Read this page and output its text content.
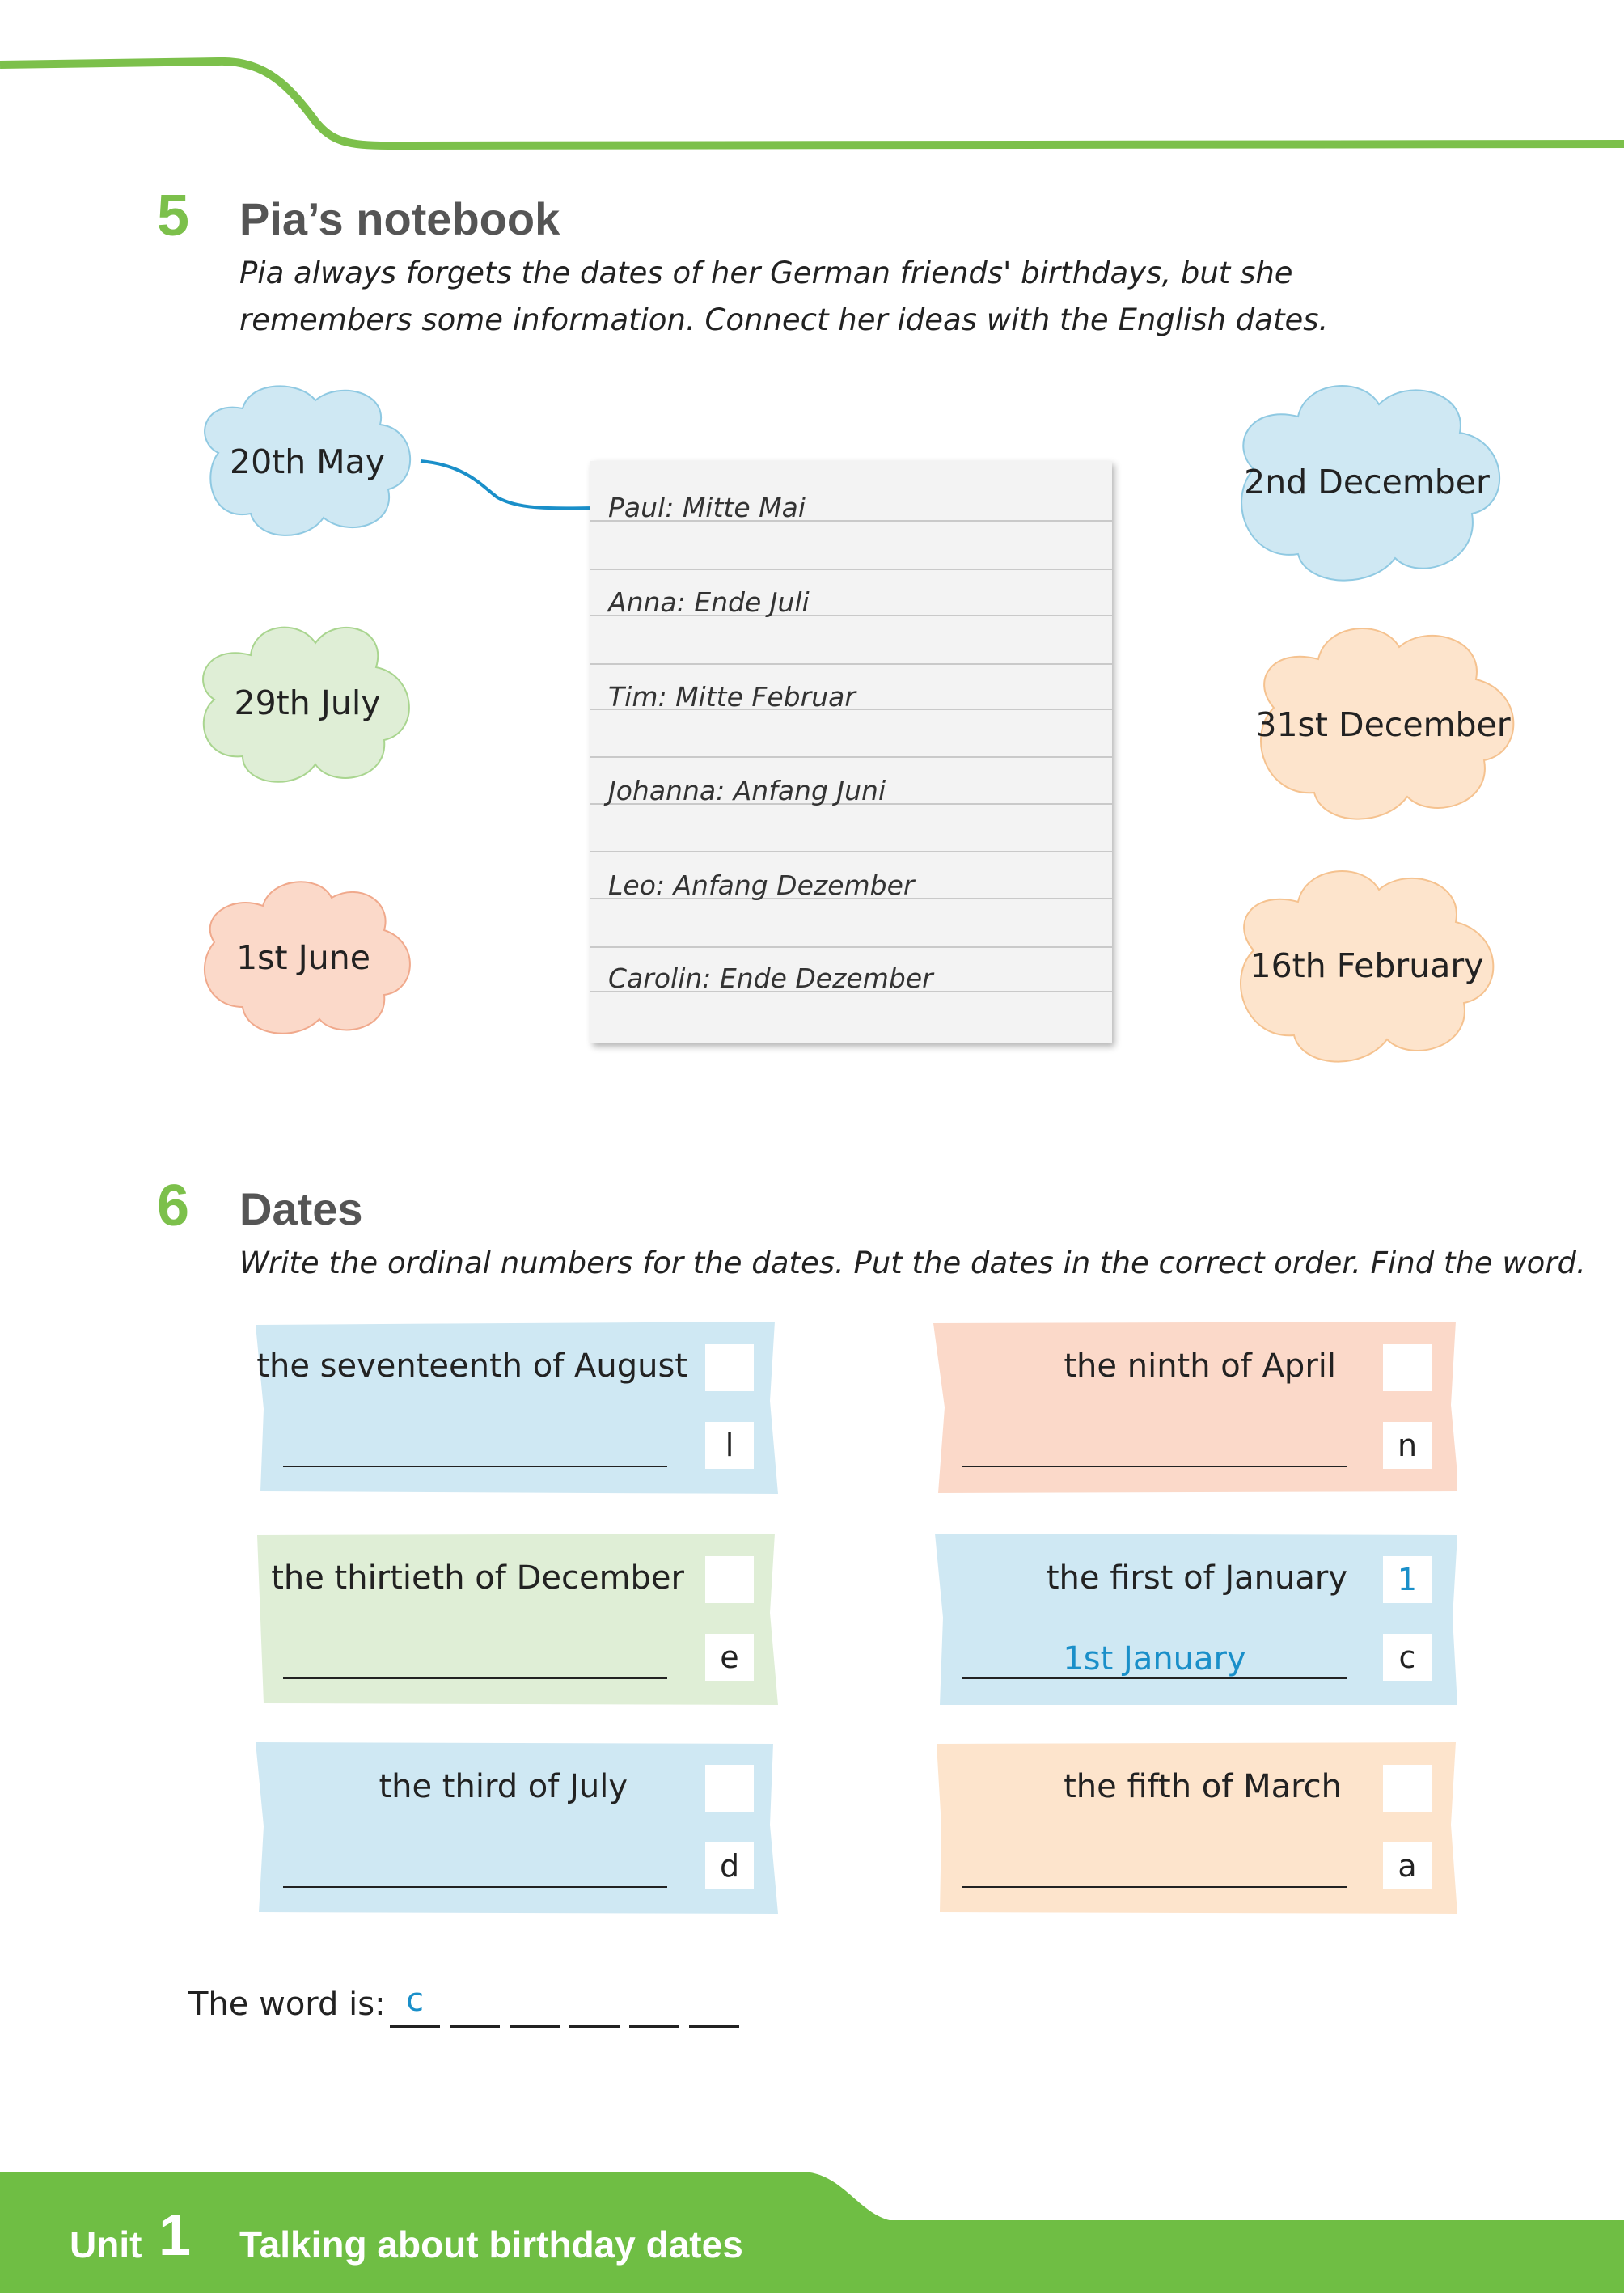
5 Pia’s notebook
Pia always forgets the dates of her German friends' birthdays, but she
remembers some information. Connect her ideas with the English dates.
20th May
29th July
1st June
2nd December
31st December
16th February
Paul: Mitte Mai
Anna: Ende Juli
Tim: Mitte Februar
Johanna: Anfang Juni
Leo: Anfang Dezember
Carolin: Ende Dezember
6 Dates
Write the ordinal numbers for the dates. Put the dates in the correct order. Find the word.
the seventeenth of August
l
the ninth of April
n
the thirtieth of December
e
the first of January	1
1st January	c
the third of July
d
the fifth of March
a
The word is: c
Unit 1 Talking about birthday dates
